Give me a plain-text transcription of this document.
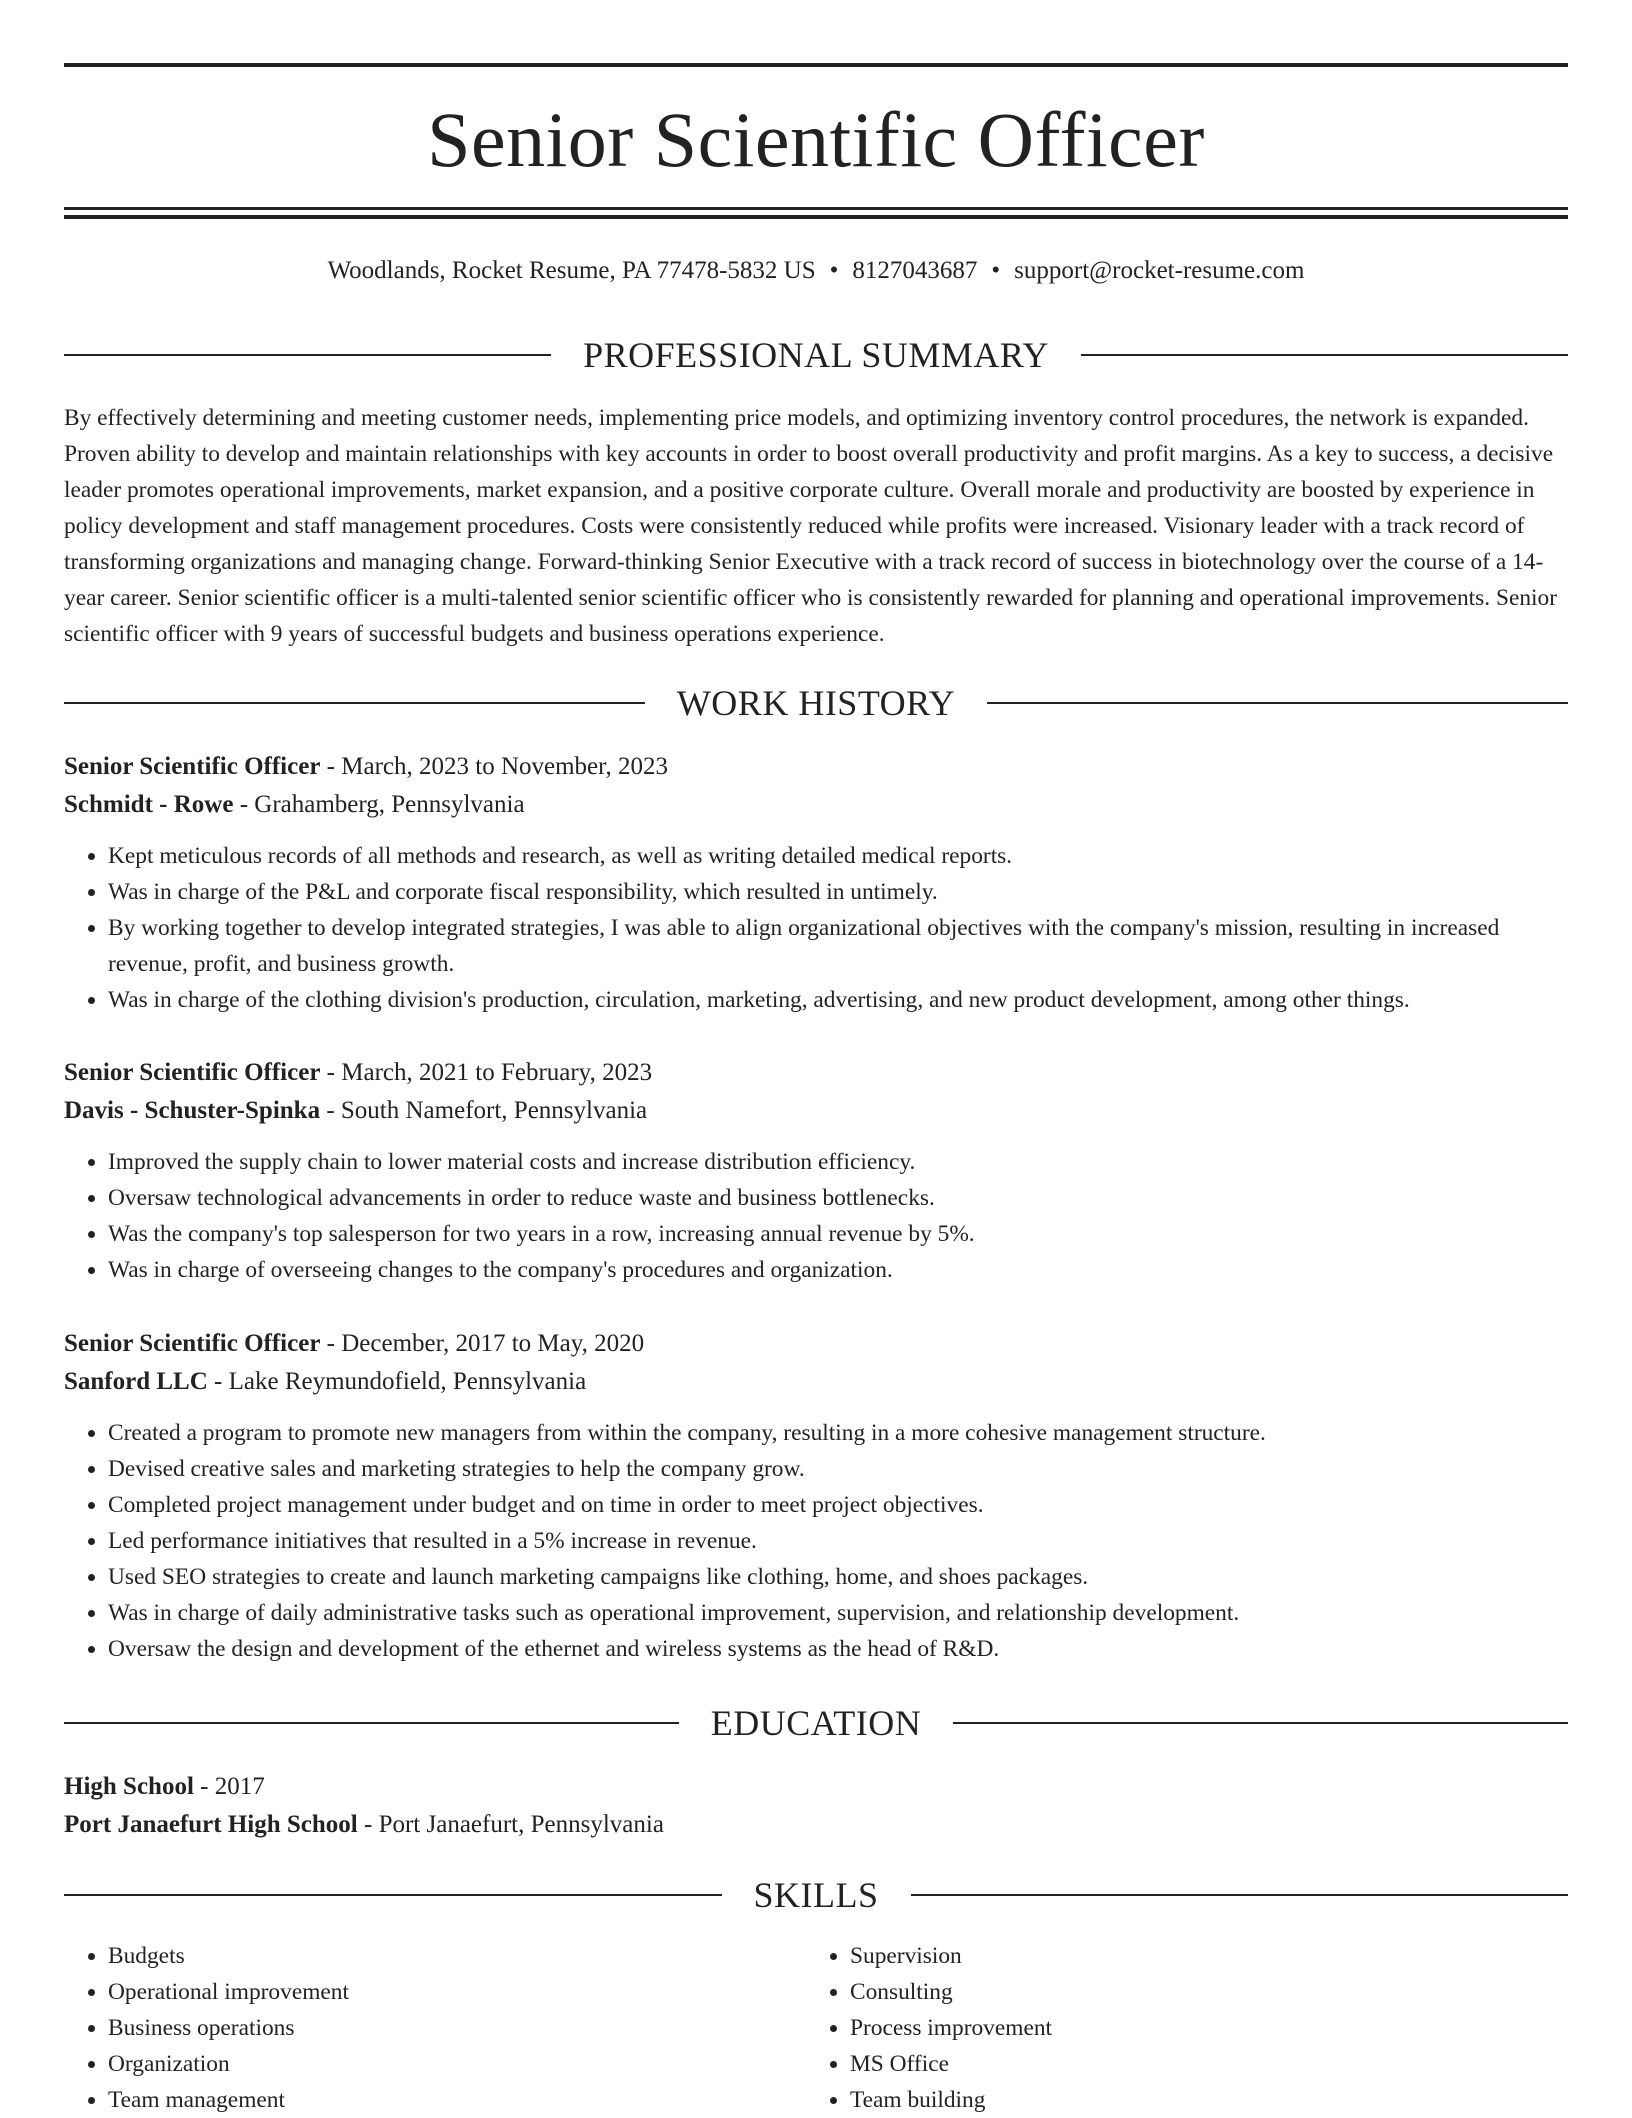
Senior Scientific Officer
Woodlands, Rocket Resume, PA 77478-5832 US • 8127043687 • support@rocket-resume.com
PROFESSIONAL SUMMARY

By effectively determining and meeting customer needs, implementing price models, and optimizing inventory control procedures, the network is expanded. Proven ability to develop and maintain relationships with key accounts in order to boost overall productivity and profit margins. As a key to success, a decisive leader promotes operational improvements, market expansion, and a positive corporate culture. Overall morale and productivity are boosted by experience in policy development and staff management procedures. Costs were consistently reduced while profits were increased. Visionary leader with a track record of transforming organizations and managing change. Forward-thinking Senior Executive with a track record of success in biotechnology over the course of a 14-year career. Senior scientific officer is a multi-talented senior scientific officer who is consistently rewarded for planning and operational improvements. Senior scientific officer with 9 years of successful budgets and business operations experience.

WORK HISTORY
Senior Scientific Officer - March, 2023 to November, 2023
Schmidt - Rowe - Grahamberg, Pennsylvania
• Kept meticulous records of all methods and research, as well as writing detailed medical reports.
• Was in charge of the P&L and corporate fiscal responsibility, which resulted in untimely.
• By working together to develop integrated strategies, I was able to align organizational objectives with the company's mission, resulting in increased revenue, profit, and business growth.
• Was in charge of the clothing division's production, circulation, marketing, advertising, and new product development, among other things.
Senior Scientific Officer - March, 2021 to February, 2023
Davis - Schuster-Spinka - South Namefort, Pennsylvania
• Improved the supply chain to lower material costs and increase distribution efficiency.
• Oversaw technological advancements in order to reduce waste and business bottlenecks.
• Was the company's top salesperson for two years in a row, increasing annual revenue by 5%.
• Was in charge of overseeing changes to the company's procedures and organization.
Senior Scientific Officer - December, 2017 to May, 2020
Sanford LLC - Lake Reymundofield, Pennsylvania
• Created a program to promote new managers from within the company, resulting in a more cohesive management structure.
• Devised creative sales and marketing strategies to help the company grow.
• Completed project management under budget and on time in order to meet project objectives.
• Led performance initiatives that resulted in a 5% increase in revenue.
• Used SEO strategies to create and launch marketing campaigns like clothing, home, and shoes packages.
• Was in charge of daily administrative tasks such as operational improvement, supervision, and relationship development.
• Oversaw the design and development of the ethernet and wireless systems as the head of R&D.
EDUCATION
High School - 2017
Port Janaefurt High School - Port Janaefurt, Pennsylvania
SKILLS
• Budgets
• Operational improvement
• Business operations
• Organization
• Team management
• Supervision
• Consulting
• Process improvement
• MS Office
• Team building
